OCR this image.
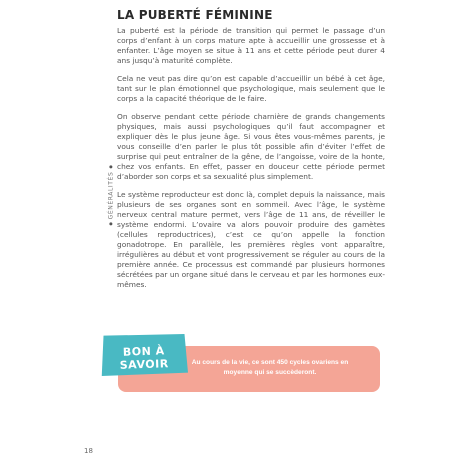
LA PUBERTÉ FÉMININE
GÉNÉRALITÉS

La puberté est la période de transition qui permet le passage d’un corps d’enfant à un corps mature apte à accueillir une grossesse et à enfanter. L’âge moyen se situe à 11 ans et cette période peut durer 4 ans jusqu’à maturité complète.

Cela ne veut pas dire qu’on est capable d’accueillir un bébé à cet âge, tant sur le plan émotionnel que psychologique, mais seulement que le corps a la capacité théorique de le faire.

On observe pendant cette période charnière de grands changements physiques, mais aussi psychologiques qu’il faut accompagner et expliquer dès le plus jeune âge. Si vous êtes vous-mêmes parents, je vous conseille d’en parler le plus tôt possible afin d’éviter l’effet de surprise qui peut entraîner de la gêne, de l’angoisse, voire de la honte, chez vos enfants. En effet, passer en douceur cette période permet d’aborder son corps et sa sexualité plus simplement.

Le système reproducteur est donc là, complet depuis la naissance, mais plusieurs de ses organes sont en sommeil. Avec l’âge, le système nerveux central mature permet, vers l’âge de 11 ans, de réveiller le système endormi. L’ovaire va alors pouvoir produire des gamètes (cellules reproductrices), c’est ce qu’on appelle la fonction gonadotrope. En parallèle, les premières règles vont apparaître, irrégulières au début et vont progressivement se réguler au cours de la première année. Ce processus est commandé par plusieurs hormones sécrétées par un organe situé dans le cerveau et par les hormones eux-mêmes.

Au cours de la vie, ce sont 450 cycles ovariens en moyenne qui se succèderont.
BON À SAVOIR
18
